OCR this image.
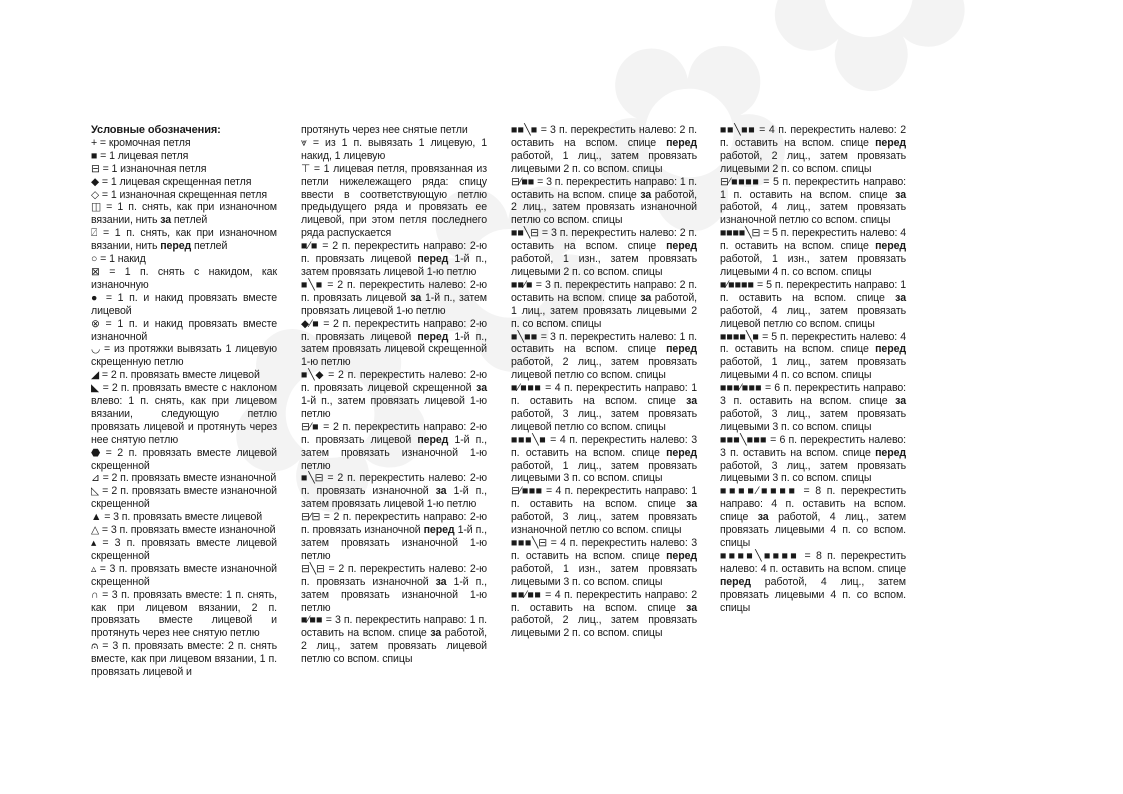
Условные обозначения:
+ = кромочная петля
■ = 1 лицевая петля
⊟ = 1 изнаночная петля
◆ = 1 лицевая скрещенная петля
◇ = 1 изнаночная скрещенная петля
◫ = 1 п. снять, как при изнаночном вязании, нить за петлей
⍁ = 1 п. снять, как при изнаночном вязании, нить перед петлей
○ = 1 накид
⊠ = 1 п. снять с накидом, как изнаночную
● = 1 п. и накид провязать вместе лицевой
⊗ = 1 п. и накид провязать вместе изнаночной
◡ = из протяжки вывязать 1 лицевую скрещенную петлю
◢ = 2 п. провязать вместе лицевой
◣ = 2 п. провязать вместе с наклоном влево: 1 п. снять, как при лицевом вязании, следующую петлю провязать лицевой и протянуть через нее снятую петлю
⬣ = 2 п. провязать вместе лицевой скрещенной
⊿ = 2 п. провязать вместе изнаночной
◺ = 2 п. провязать вместе изнаночной скрещенной
▲ = 3 п. провязать вместе лицевой
△ = 3 п. провязать вместе изнаночной
▴ = 3 п. провязать вместе лицевой скрещенной
▵ = 3 п. провязать вместе изнаночной скрещенной
∩ = 3 п. провязать вместе: 1 п. снять, как при лицевом вязании, 2 п. провязать вместе лицевой и протянуть через нее снятую петлю
⩀ = 3 п. провязать вместе: 2 п. снять вместе, как при лицевом вязании, 1 п. провязать лицевой и
протянуть через нее снятые петли
⩔ = из 1 п. вывязать 1 лицевую, 1 накид, 1 лицевую
⊤ = 1 лицевая петля, провязанная из петли нижележащего ряда: спицу ввести в соответствующую петлю предыдущего ряда и провязать ее лицевой, при этом петля последнего ряда распускается
■⁄■ = 2 п. перекрестить направо: 2-ю п. провязать лицевой перед 1-й п., затем провязать лицевой 1-ю петлю
■╲■ = 2 п. перекрестить налево: 2-ю п. провязать лицевой за 1-й п., затем провязать лицевой 1-ю петлю
◆⁄■ = 2 п. перекрестить направо: 2-ю п. провязать лицевой перед 1-й п., затем провязать лицевой скрещенной 1-ю петлю
■╲◆ = 2 п. перекрестить налево: 2-ю п. провязать лицевой скрещенной за 1-й п., затем провязать лицевой 1-ю петлю
⊟⁄■ = 2 п. перекрестить направо: 2-ю п. провязать лицевой перед 1-й п., затем провязать изнаночной 1-ю петлю
■╲⊟ = 2 п. перекрестить налево: 2-ю п. провязать изнаночной за 1-й п., затем провязать лицевой 1-ю петлю
⊟⁄⊟ = 2 п. перекрестить направо: 2-ю п. провязать изнаночной перед 1-й п., затем провязать изнаночной 1-ю петлю
⊟╲⊟ = 2 п. перекрестить налево: 2-ю п. провязать изнаночной за 1-й п., затем провязать изнаночной 1-ю петлю
■⁄■■ = 3 п. перекрестить направо: 1 п. оставить на вспом. спице за работой, 2 лиц., затем провязать лицевой петлю со вспом. спицы
■■╲■ = 3 п. перекрестить налево: 2 п. оставить на вспом. спице перед работой, 1 лиц., затем провязать лицевыми 2 п. со вспом. спицы
⊟⁄■■ = 3 п. перекрестить направо: 1 п. оставить на вспом. спице за работой, 2 лиц., затем провязать изнаночной петлю со вспом. спицы
■■╲⊟ = 3 п. перекрестить налево: 2 п. оставить на вспом. спице перед работой, 1 изн., затем провязать лицевыми 2 п. со вспом. спицы
■■⁄■ = 3 п. перекрестить направо: 2 п. оставить на вспом. спице за работой, 1 лиц., затем провязать лицевыми 2 п. со вспом. спицы
■╲■■ = 3 п. перекрестить налево: 1 п. оставить на вспом. спице перед работой, 2 лиц., затем провязать лицевой петлю со вспом. спицы
■⁄■■■ = 4 п. перекрестить направо: 1 п. оставить на вспом. спице за работой, 3 лиц., затем провязать лицевой петлю со вспом. спицы
■■■╲■ = 4 п. перекрестить налево: 3 п. оставить на вспом. спице перед работой, 1 лиц., затем провязать лицевыми 3 п. со вспом. спицы
⊟⁄■■■ = 4 п. перекрестить направо: 1 п. оставить на вспом. спице за работой, 3 лиц., затем провязать изнаночной петлю со вспом. спицы
■■■╲⊟ = 4 п. перекрестить налево: 3 п. оставить на вспом. спице перед работой, 1 изн., затем провязать лицевыми 3 п. со вспом. спицы
■■⁄■■ = 4 п. перекрестить направо: 2 п. оставить на вспом. спице за работой, 2 лиц., затем провязать лицевыми 2 п. со вспом. спицы
■■╲■■ = 4 п. перекрестить налево: 2 п. оставить на вспом. спице перед работой, 2 лиц., затем провязать лицевыми 2 п. со вспом. спицы
⊟⁄■■■■ = 5 п. перекрестить направо: 1 п. оставить на вспом. спице за работой, 4 лиц., затем провязать изнаночной петлю со вспом. спицы
■■■■╲⊟ = 5 п. перекрестить налево: 4 п. оставить на вспом. спице перед работой, 1 изн., затем провязать лицевыми 4 п. со вспом. спицы
■⁄■■■■ = 5 п. перекрестить направо: 1 п. оставить на вспом. спице за работой, 4 лиц., затем провязать лицевой петлю со вспом. спицы
■■■■╲■ = 5 п. перекрестить налево: 4 п. оставить на вспом. спице перед работой, 1 лиц., затем провязать лицевыми 4 п. со вспом. спицы
■■■⁄■■■ = 6 п. перекрестить направо: 3 п. оставить на вспом. спице за работой, 3 лиц., затем провязать лицевыми 3 п. со вспом. спицы
■■■╲■■■ = 6 п. перекрестить налево: 3 п. оставить на вспом. спице перед работой, 3 лиц., затем провязать лицевыми 3 п. со вспом. спицы
■■■■⁄■■■■ = 8 п. перекрестить направо: 4 п. оставить на вспом. спице за работой, 4 лиц., затем провязать лицевыми 4 п. со вспом. спицы
■■■■╲■■■■ = 8 п. перекрестить налево: 4 п. оставить на вспом. спице перед работой, 4 лиц., затем провязать лицевыми 4 п. со вспом. спицы
